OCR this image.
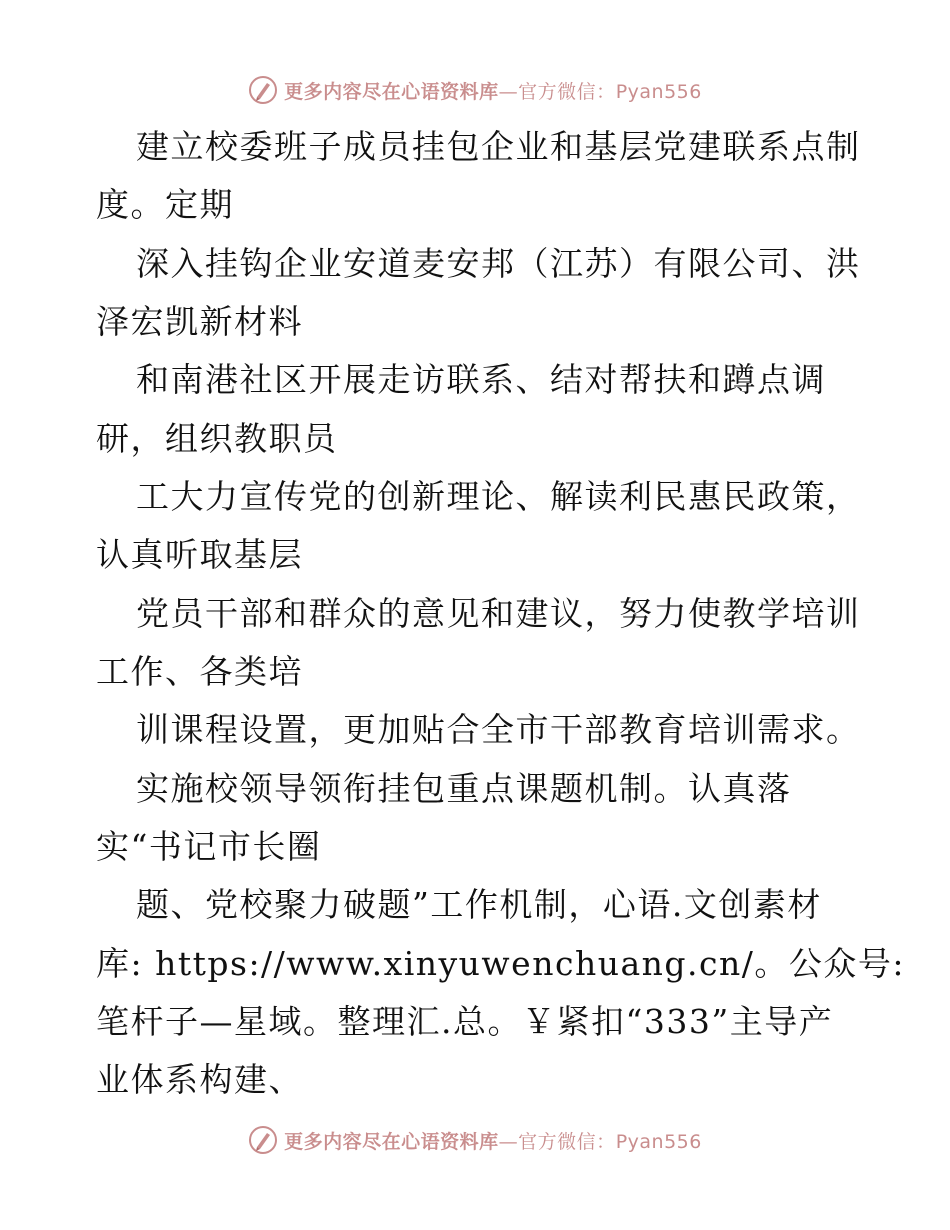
更多内容尽在心语资料库—官方微信：Pyan556
建立校委班子成员挂包企业和基层党建联系点制
度。定期
深入挂钩企业安道麦安邦（江苏）有限公司、洪
泽宏凯新材料
和南港社区开展走访联系、结对帮扶和蹲点调
研，组织教职员
工大力宣传党的创新理论、解读利民惠民政策，
认真听取基层
党员干部和群众的意见和建议，努力使教学培训
工作、各类培
训课程设置，更加贴合全市干部教育培训需求。
实施校领导领衔挂包重点课题机制。认真落
实“书记市长圈
题、党校聚力破题”工作机制，心语.文创素材
库: https://www.xinyuwenchuang.cn/。公众号:
笔杆子—星域。整理汇.总。￥紧扣“333”主导产
业体系构建、
更多内容尽在心语资料库—官方微信：Pyan556
